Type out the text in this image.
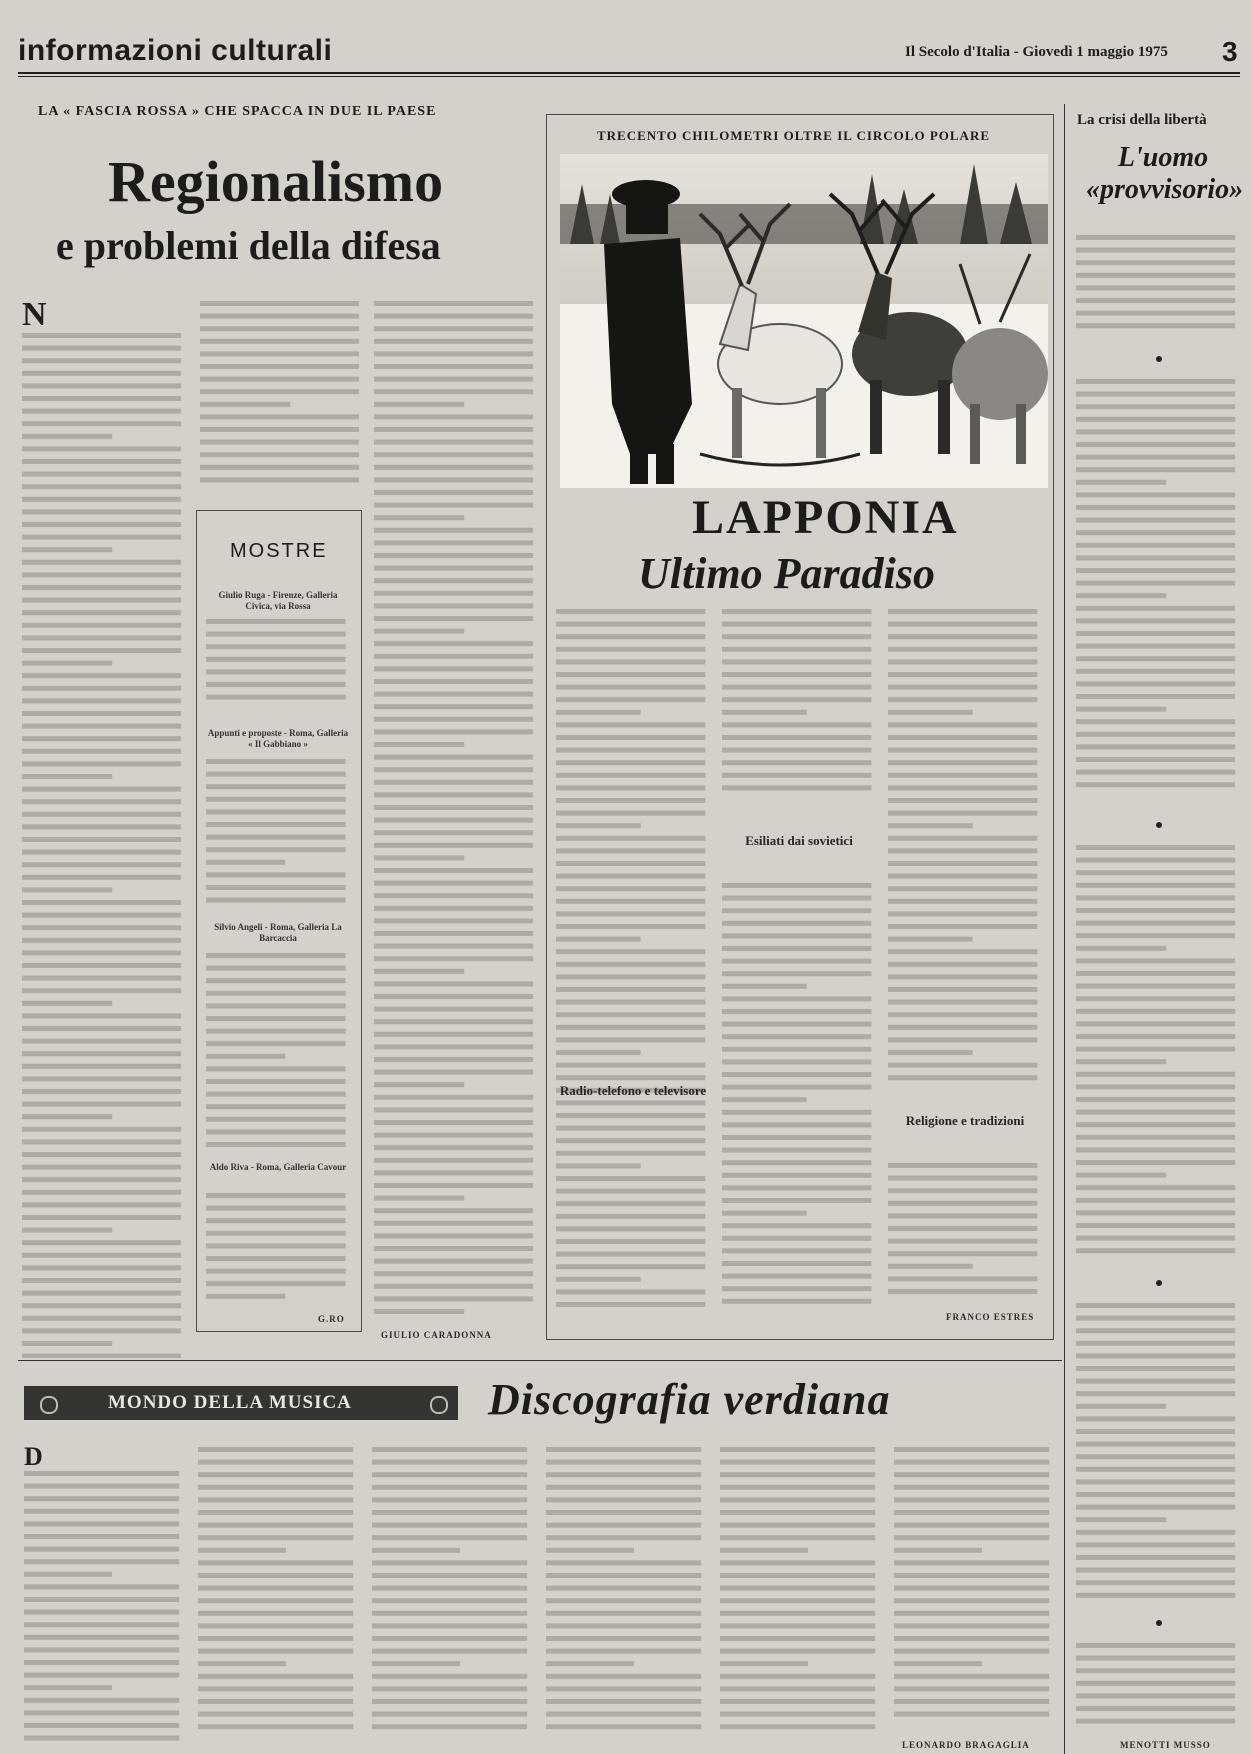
informazioni culturali	Il Secolo d'Italia - Giovedì 1 maggio 1975 3
LA « FASCIA ROSSA » CHE SPACCA IN DUE IL PAESE
Regionalismo
e problemi della difesa
N
GIULIO CARADONNA
MOSTRE
Giulio Ruga - Firenze, Galleria Civica, via Rossa
Appunti e proposte - Roma, Galleria « Il Gabbiano »
Silvio Angeli - Roma, Galleria La Barcaccia
Aldo Riva - Roma, Galleria Cavour
G.RO
TRECENTO CHILOMETRI OLTRE IL CIRCOLO POLARE
LAPPONIA
Ultimo Paradiso
Esiliati dai sovietici
Radio-telefono e televisore
Religione e tradizioni
FRANCO ESTRES
La crisi della libertà
L'uomo «provvisorio»
MENOTTI MUSSO
MONDO DELLA MUSICA	Discografia verdiana
D
LEONARDO BRAGAGLIA
